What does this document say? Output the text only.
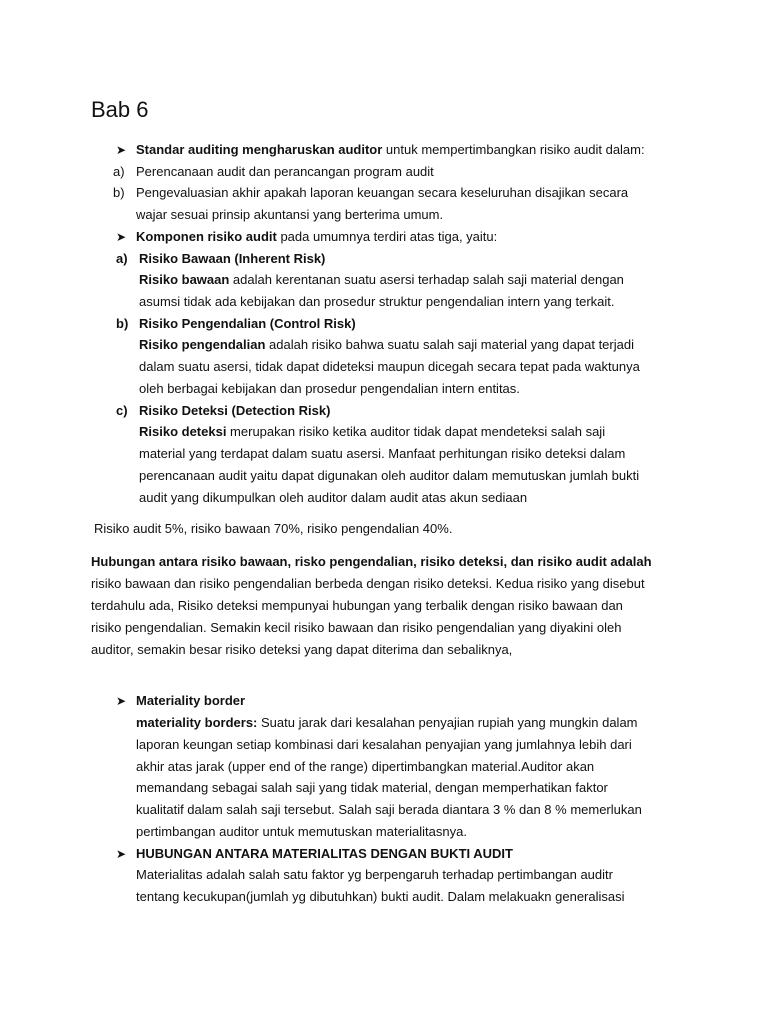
Bab 6
➤ Standar auditing mengharuskan auditor untuk mempertimbangkan risiko audit dalam:
a) Perencanaan audit dan perancangan program audit
b) Pengevaluasian akhir apakah laporan keuangan secara keseluruhan disajikan secara
wajar sesuai prinsip akuntansi yang berterima umum.
➤ Komponen risiko audit pada umumnya terdiri atas tiga, yaitu:
a) Risiko Bawaan (Inherent Risk)
Risiko bawaan adalah kerentanan suatu asersi terhadap salah saji material dengan
asumsi tidak ada kebijakan dan prosedur struktur pengendalian intern yang terkait.
b) Risiko Pengendalian (Control Risk)
Risiko pengendalian adalah risiko bahwa suatu salah saji material yang dapat terjadi
dalam suatu asersi, tidak dapat dideteksi maupun dicegah secara tepat pada waktunya
oleh berbagai kebijakan dan prosedur pengendalian intern entitas.
c) Risiko Deteksi (Detection Risk)
Risiko deteksi merupakan risiko ketika auditor tidak dapat mendeteksi salah saji
material yang terdapat dalam suatu asersi. Manfaat perhitungan risiko deteksi dalam
perencanaan audit yaitu dapat digunakan oleh auditor dalam memutuskan jumlah bukti
audit yang dikumpulkan oleh auditor dalam audit atas akun sediaan
Risiko audit 5%, risiko bawaan 70%, risiko pengendalian 40%.
Hubungan antara risiko bawaan, risko pengendalian, risiko deteksi, dan risiko audit adalah
risiko bawaan dan risiko pengendalian berbeda dengan risiko deteksi. Kedua risiko yang disebut
terdahulu ada, Risiko deteksi mempunyai hubungan yang terbalik dengan risiko bawaan dan
risiko pengendalian. Semakin kecil risiko bawaan dan risiko pengendalian yang diyakini oleh
auditor, semakin besar risiko deteksi yang dapat diterima dan sebaliknya,
➤ Materiality border
materiality borders: Suatu jarak dari kesalahan penyajian rupiah yang mungkin dalam
laporan keungan setiap kombinasi dari kesalahan penyajian yang jumlahnya lebih dari
akhir atas jarak (upper end of the range) dipertimbangkan material.Auditor akan
memandang sebagai salah saji yang tidak material, dengan memperhatikan faktor
kualitatif dalam salah saji tersebut. Salah saji berada diantara 3 % dan 8 % memerlukan
pertimbangan auditor untuk memutuskan materialitasnya.
➤ HUBUNGAN ANTARA MATERIALITAS DENGAN BUKTI AUDIT
Materialitas adalah salah satu faktor yg berpengaruh terhadap pertimbangan auditr
tentang kecukupan(jumlah yg dibutuhkan) bukti audit. Dalam melakuakn generalisasi
